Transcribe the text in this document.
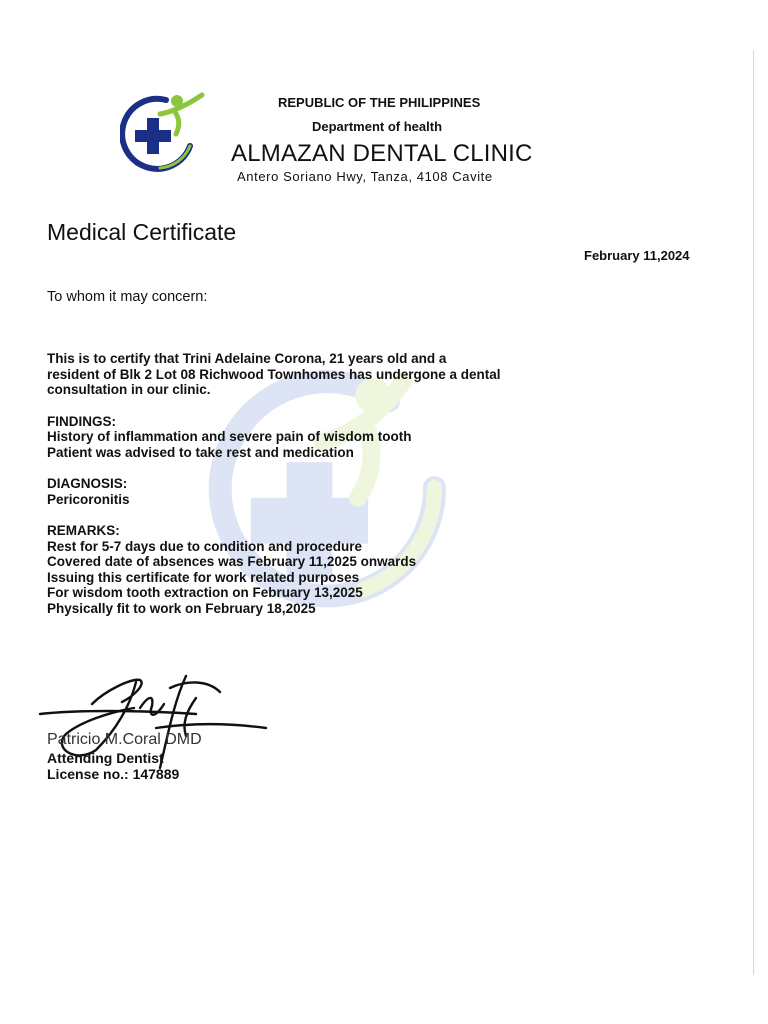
REPUBLIC OF THE PHILIPPINES
Department of health
ALMAZAN DENTAL CLINIC
Antero Soriano Hwy, Tanza, 4108 Cavite
Medical Certificate
February 11,2024
To whom it may concern:

This is to certify that Trini Adelaine Corona, 21 years old and a

resident of Blk 2 Lot 08 Richwood Townhomes has undergone a dental

consultation in our clinic.

FINDINGS:

History of inflammation and severe pain of wisdom tooth

Patient was advised to take rest and medication

DIAGNOSIS:

Pericoronitis

REMARKS:

Rest for 5-7 days due to condition and procedure

Covered date of absences was February 11,2025 onwards

Issuing this certificate for work related purposes

For wisdom tooth extraction on February 13,2025

Physically fit to work on February 18,2025

Patricio M.Coral DMD
Attending Dentist
License no.: 147889
